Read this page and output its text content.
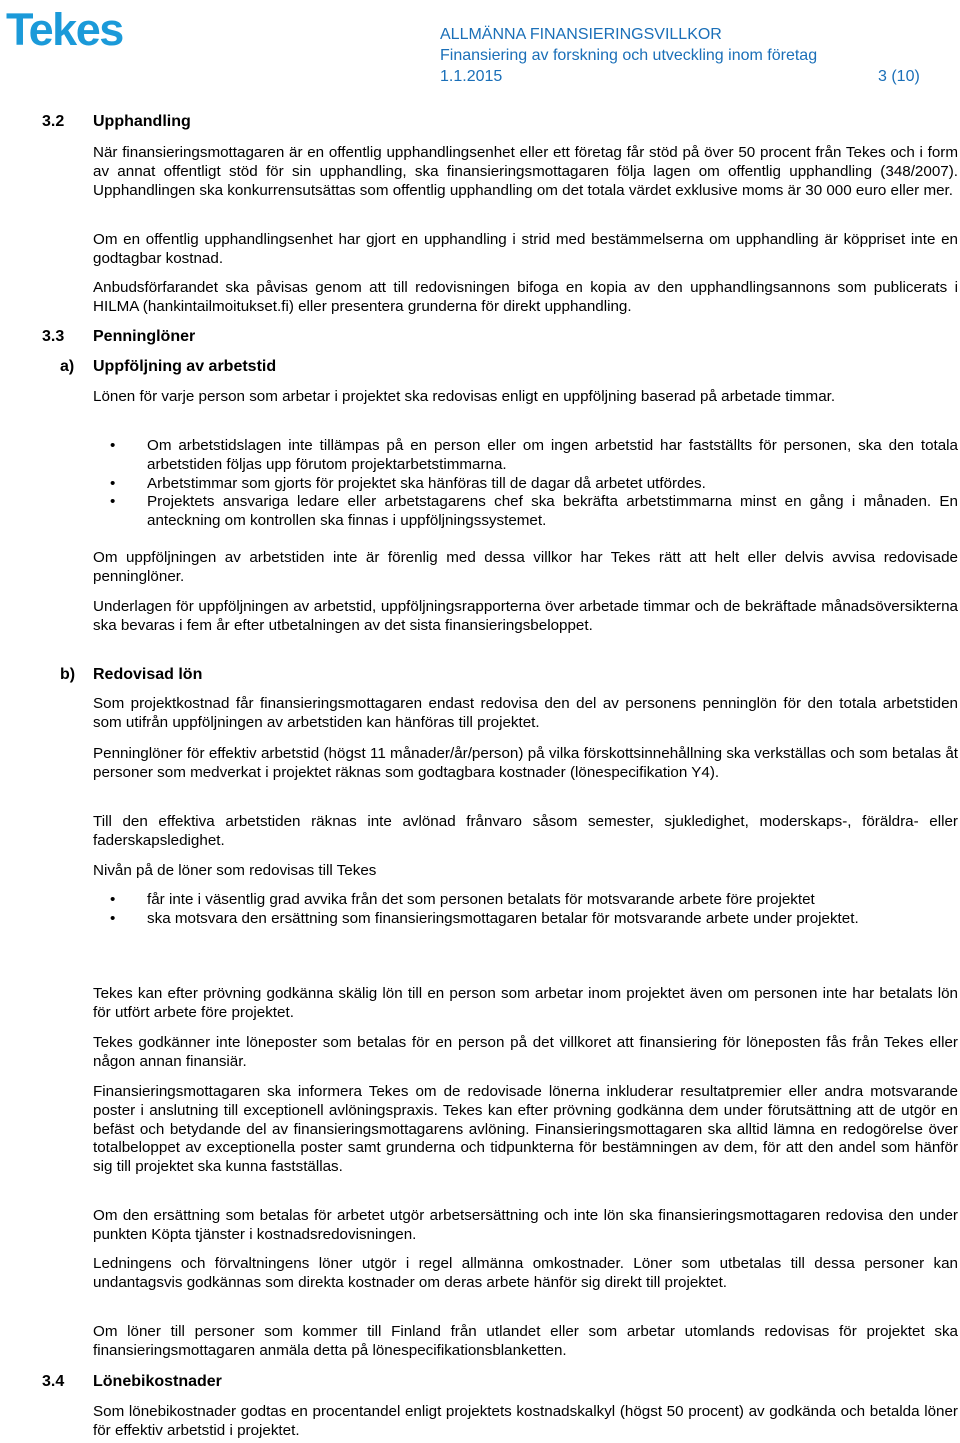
Tekes	ALLMÄNNA FINANSIERINGSVILLKOR
Finansiering av forskning och utveckling inom företag
1.1.2015	3 (10)
3.2 Upphandling
När finansieringsmottagaren är en offentlig upphandlingsenhet eller ett företag får stöd på över 50 procent från Tekes och i form av annat offentligt stöd för sin upphandling, ska finansieringsmottagaren följa lagen om offentlig upphandling (348/2007). Upphandlingen ska konkurrensutsättas som offentlig upphandling om det totala värdet exklusive moms är 30 000 euro eller mer.
Om en offentlig upphandlingsenhet har gjort en upphandling i strid med bestämmelserna om upphandling är köppriset inte en godtagbar kostnad.
Anbudsförfarandet ska påvisas genom att till redovisningen bifoga en kopia av den upphandlingsannons som publicerats i HILMA (hankintailmoitukset.fi) eller presentera grunderna för direkt upphandling.
3.3 Penninglöner
a) Uppföljning av arbetstid
Lönen för varje person som arbetar i projektet ska redovisas enligt en uppföljning baserad på arbetade timmar.
• Om arbetstidslagen inte tillämpas på en person eller om ingen arbetstid har fastställts för personen, ska den totala arbetstiden följas upp förutom projektarbetstimmarna.
• Arbetstimmar som gjorts för projektet ska hänföras till de dagar då arbetet utfördes.
• Projektets ansvariga ledare eller arbetstagarens chef ska bekräfta arbetstimmarna minst en gång i månaden. En anteckning om kontrollen ska finnas i uppföljningssystemet.
Om uppföljningen av arbetstiden inte är förenlig med dessa villkor har Tekes rätt att helt eller delvis avvisa redovisade penninglöner.
Underlagen för uppföljningen av arbetstid, uppföljningsrapporterna över arbetade timmar och de bekräftade månadsöversikterna ska bevaras i fem år efter utbetalningen av det sista finansieringsbeloppet.
b) Redovisad lön
Som projektkostnad får finansieringsmottagaren endast redovisa den del av personens penninglön för den totala arbetstiden som utifrån uppföljningen av arbetstiden kan hänföras till projektet.
Penninglöner för effektiv arbetstid (högst 11 månader/år/person) på vilka förskottsinnehållning ska verkställas och som betalas åt personer som medverkat i projektet räknas som godtagbara kostnader (lönespecifikation Y4).
Till den effektiva arbetstiden räknas inte avlönad frånvaro såsom semester, sjukledighet, moderskaps-, föräldra- eller faderskapsledighet.
Nivån på de löner som redovisas till Tekes
• får inte i väsentlig grad avvika från det som personen betalats för motsvarande arbete före projektet
• ska motsvara den ersättning som finansieringsmottagaren betalar för motsvarande arbete under projektet.
Tekes kan efter prövning godkänna skälig lön till en person som arbetar inom projektet även om personen inte har betalats lön för utfört arbete före projektet.
Tekes godkänner inte löneposter som betalas för en person på det villkoret att finansiering för löneposten fås från Tekes eller någon annan finansiär.
Finansieringsmottagaren ska informera Tekes om de redovisade lönerna inkluderar resultatpremier eller andra motsvarande poster i anslutning till exceptionell avlöningspraxis. Tekes kan efter prövning godkänna dem under förutsättning att de utgör en befäst och betydande del av finansieringsmottagarens avlöning. Finansieringsmottagaren ska alltid lämna en redogörelse över totalbeloppet av exceptionella poster samt grunderna och tidpunkterna för bestämningen av dem, för att den andel som hänför sig till projektet ska kunna fastställas.
Om den ersättning som betalas för arbetet utgör arbetsersättning och inte lön ska finansieringsmottagaren redovisa den under punkten Köpta tjänster i kostnadsredovisningen.
Ledningens och förvaltningens löner utgör i regel allmänna omkostnader. Löner som utbetalas till dessa personer kan undantagsvis godkännas som direkta kostnader om deras arbete hänför sig direkt till projektet.
Om löner till personer som kommer till Finland från utlandet eller som arbetar utomlands redovisas för projektet ska finansieringsmottagaren anmäla detta på lönespecifikationsblanketten.
3.4 Lönebikostnader
Som lönebikostnader godtas en procentandel enligt projektets kostnadskalkyl (högst 50 procent) av godkända och betalda löner för effektiv arbetstid i projektet.
